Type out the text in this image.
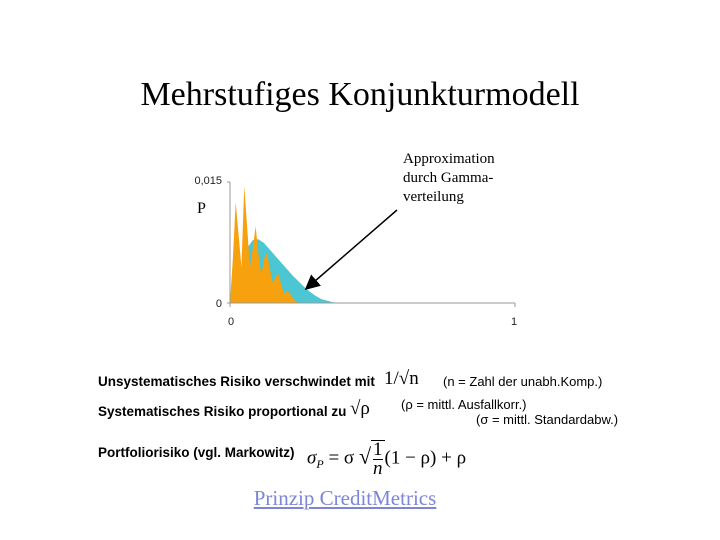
Mehrstufiges Konjunkturmodell
0,015
0
0	1
P
Approximation
durch Gamma-
verteilung
Unsystematisches Risiko verschwindet mit 1/√n
Systematisches Risiko proportional zu √ρ
Portfoliorisiko (vgl. Markowitz) $\sigma_P = \sigma$ √ $\frac{1}{n} (1 - \rho) + \rho$
(n = Zahl der unabh.Komp.)
(ρ = mittl. Ausfallkorr.)
(σ = mittl. Standardabw.)
Prinzip CreditMetrics
